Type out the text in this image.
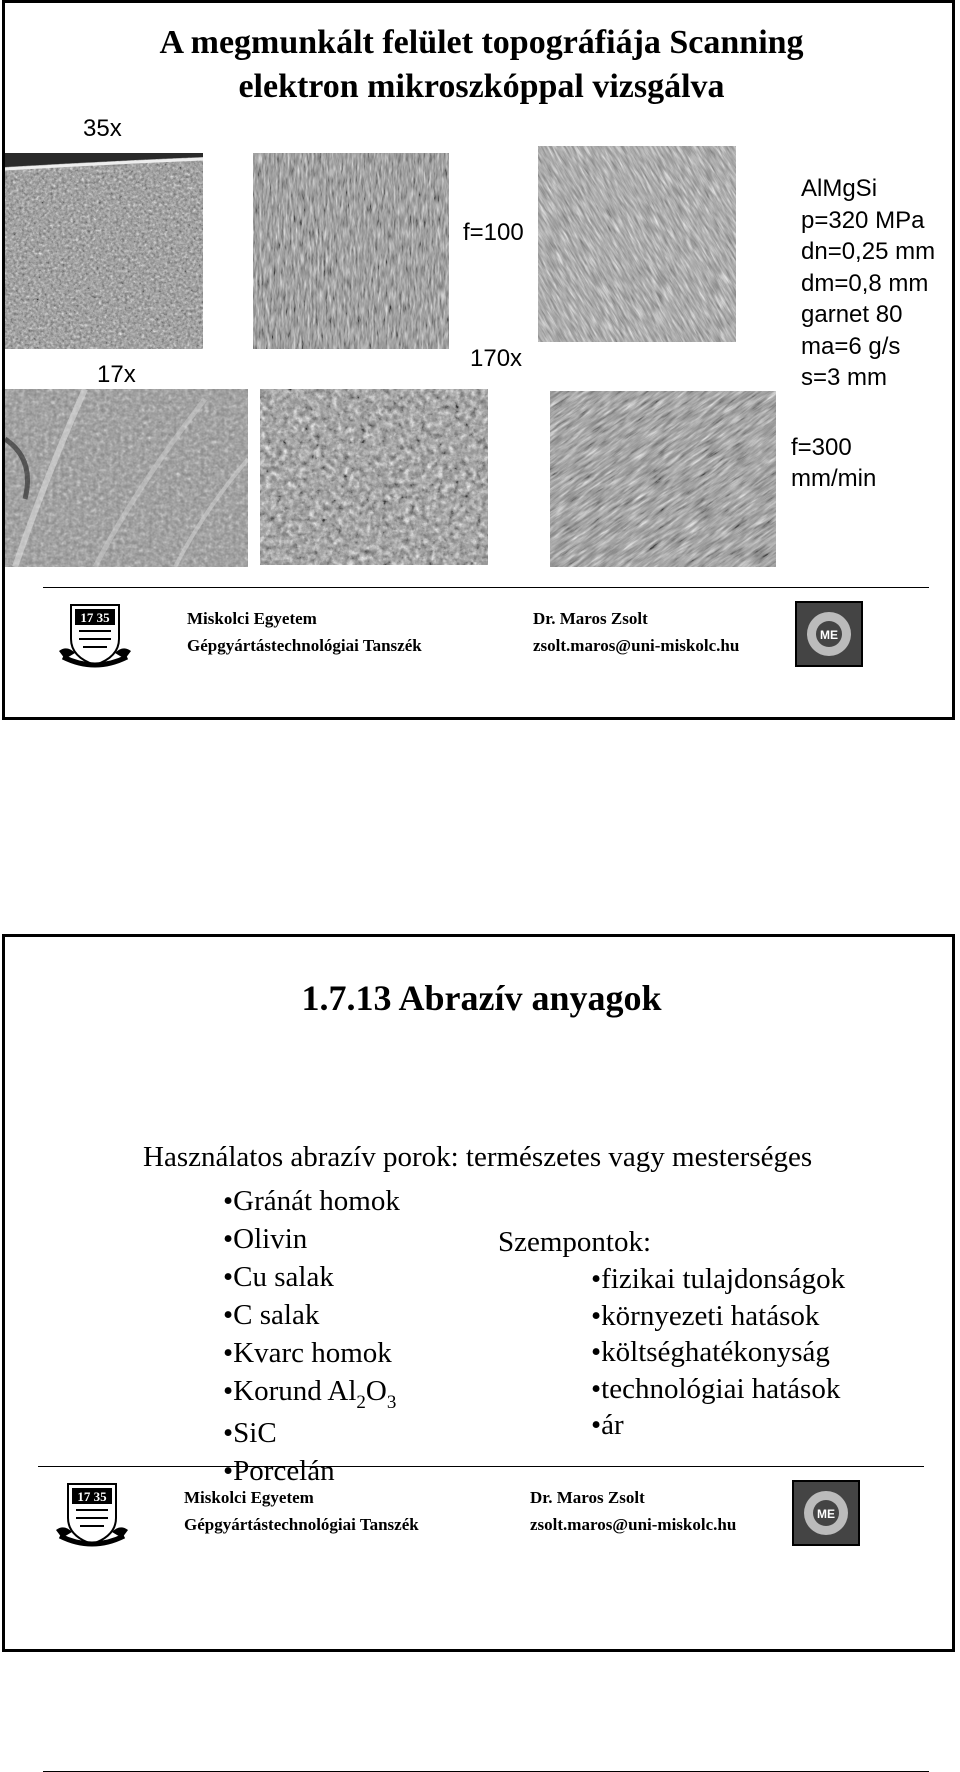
A megmunkált felület topográfiája Scanning
elektron mikroszkóppal vizsgálva
35x
17x
f=100
170x
AlMgSi
p=320 MPa
dn=0,25 mm
dm=0,8 mm
garnet 80
ma=6 g/s
s=3 mm
f=300
mm/min
17 35	Miskolci Egyetem
Gépgyártástechnológiai Tanszék
Dr. Maros Zsolt
zsolt.maros@uni-miskolc.hu
ME
1.7.13 Abrazív anyagok
Használatos abrazív porok: természetes vagy mesterséges
• Gránát homok
• Olivin
• Cu salak
• C salak
• Kvarc homok
• Korund $Al_2O_3$
• SiC
• Porcelán
Szempontok:
• fizikai tulajdonságok
• környezeti hatások
• költséghatékonyság
• technológiai hatások
• ár
17 35	Miskolci Egyetem
Gépgyártástechnológiai Tanszék
Dr. Maros Zsolt
zsolt.maros@uni-miskolc.hu
ME
